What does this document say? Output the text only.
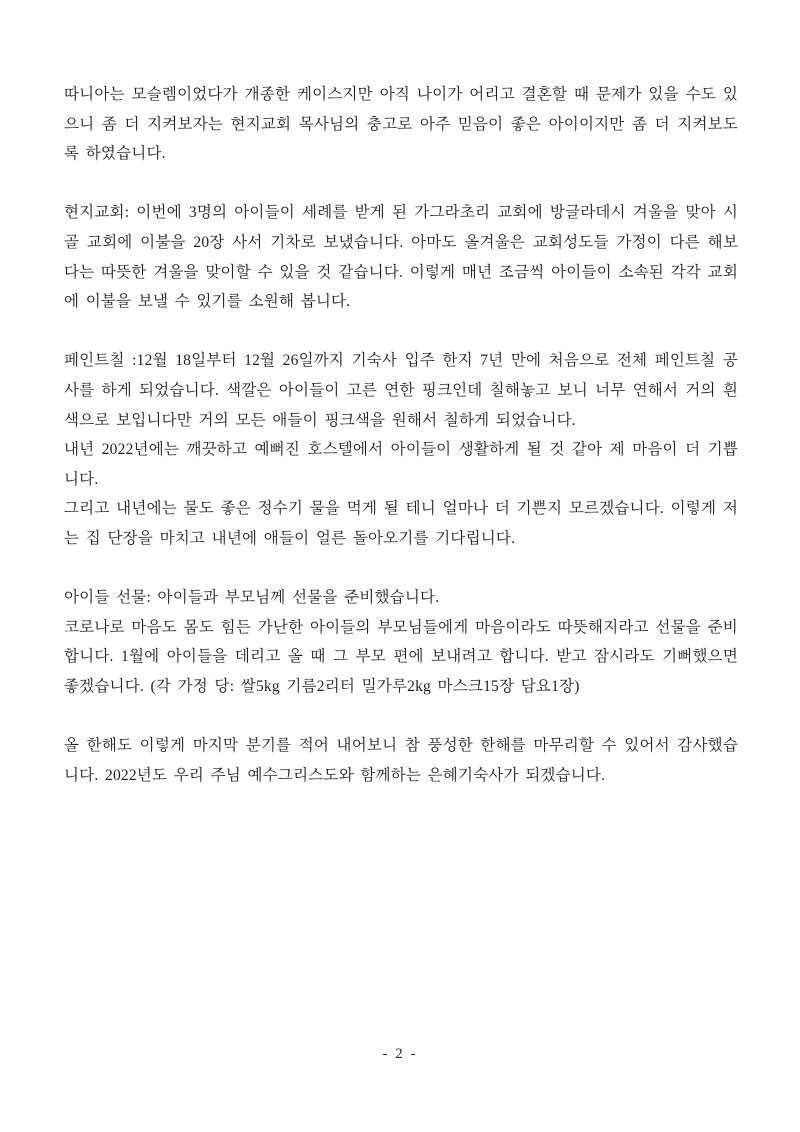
따니아는 모슬렘이었다가 개종한 케이스지만 아직 나이가 어리고 결혼할 때 문제가 있을 수도 있으니 좀 더 지켜보자는 현지교회 목사님의 충고로 아주 믿음이 좋은 아이이지만 좀 더 지켜보도록 하였습니다.

현지교회: 이번에 3명의 아이들이 세례를 받게 된 가그라초리 교회에 방글라데시 겨울을 맞아 시골 교회에 이불을 20장 사서 기차로 보냈습니다. 아마도 올겨울은 교회성도들 가정이 다른 해보다는 따뜻한 겨울을 맞이할 수 있을 것 같습니다. 이렇게 매년 조금씩 아이들이 소속된 각각 교회에 이불을 보낼 수 있기를 소원해 봅니다.

페인트칠 :12월 18일부터 12월 26일까지 기숙사 입주 한지 7년 만에 처음으로 전체 페인트칠 공사를 하게 되었습니다. 색깔은 아이들이 고른 연한 핑크인데 칠해놓고 보니 너무 연해서 거의 흰색으로 보입니다만 거의 모든 애들이 핑크색을 원해서 칠하게 되었습니다.

내년 2022년에는 깨끗하고 예뻐진 호스텔에서 아이들이 생활하게 될 것 같아 제 마음이 더 기쁩니다.

그리고 내년에는 물도 좋은 정수기 물을 먹게 될 테니 얼마나 더 기쁜지 모르겠습니다. 이렇게 저는 집 단장을 마치고 내년에 애들이 얼른 돌아오기를 기다립니다.

아이들 선물: 아이들과 부모님께 선물을 준비했습니다.

코로나로 마음도 몸도 힘든 가난한 아이들의 부모님들에게 마음이라도 따뜻해지라고 선물을 준비합니다. 1월에 아이들을 데리고 올 때 그 부모 편에 보내려고 합니다. 받고 잠시라도 기뻐했으면 좋겠습니다. (각 가정 당: 쌀5kg 기름2리터 밀가루2kg 마스크15장 담요1장)

올 한해도 이렇게 마지막 분기를 적어 내어보니 참 풍성한 한해를 마무리할 수 있어서 감사했습니다. 2022년도 우리 주님 예수그리스도와 함께하는 은혜기숙사가 되겠습니다.

- 2 -
